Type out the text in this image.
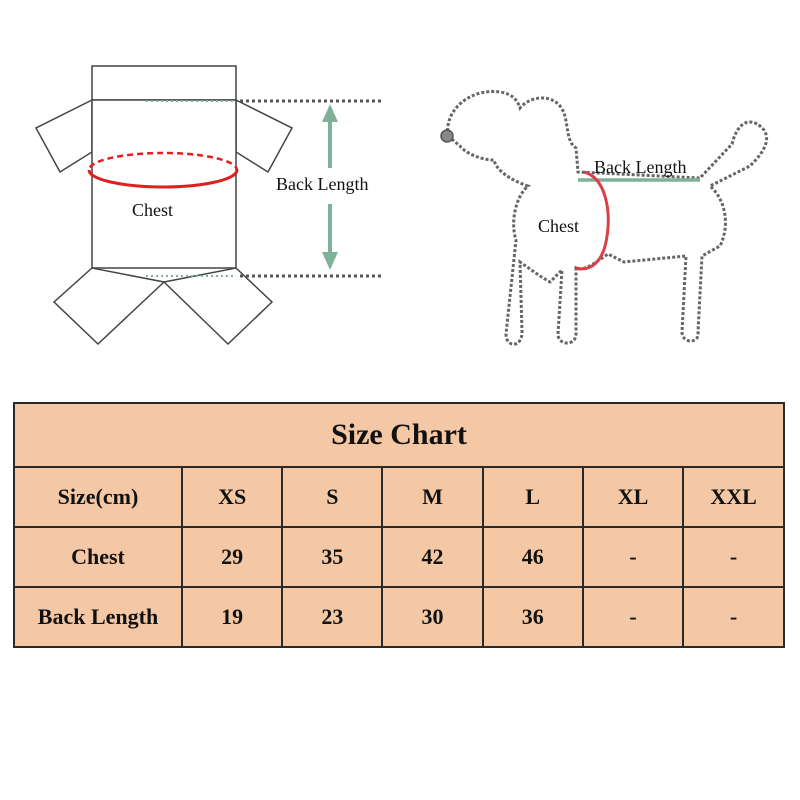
Chest
Back Length
Back Length
Chest
Size Chart						
Size(cm)	XS	S	M	L	XL	XXL
Chest	29	35	42	46	-	-
Back Length	19	23	30	36	-	-
